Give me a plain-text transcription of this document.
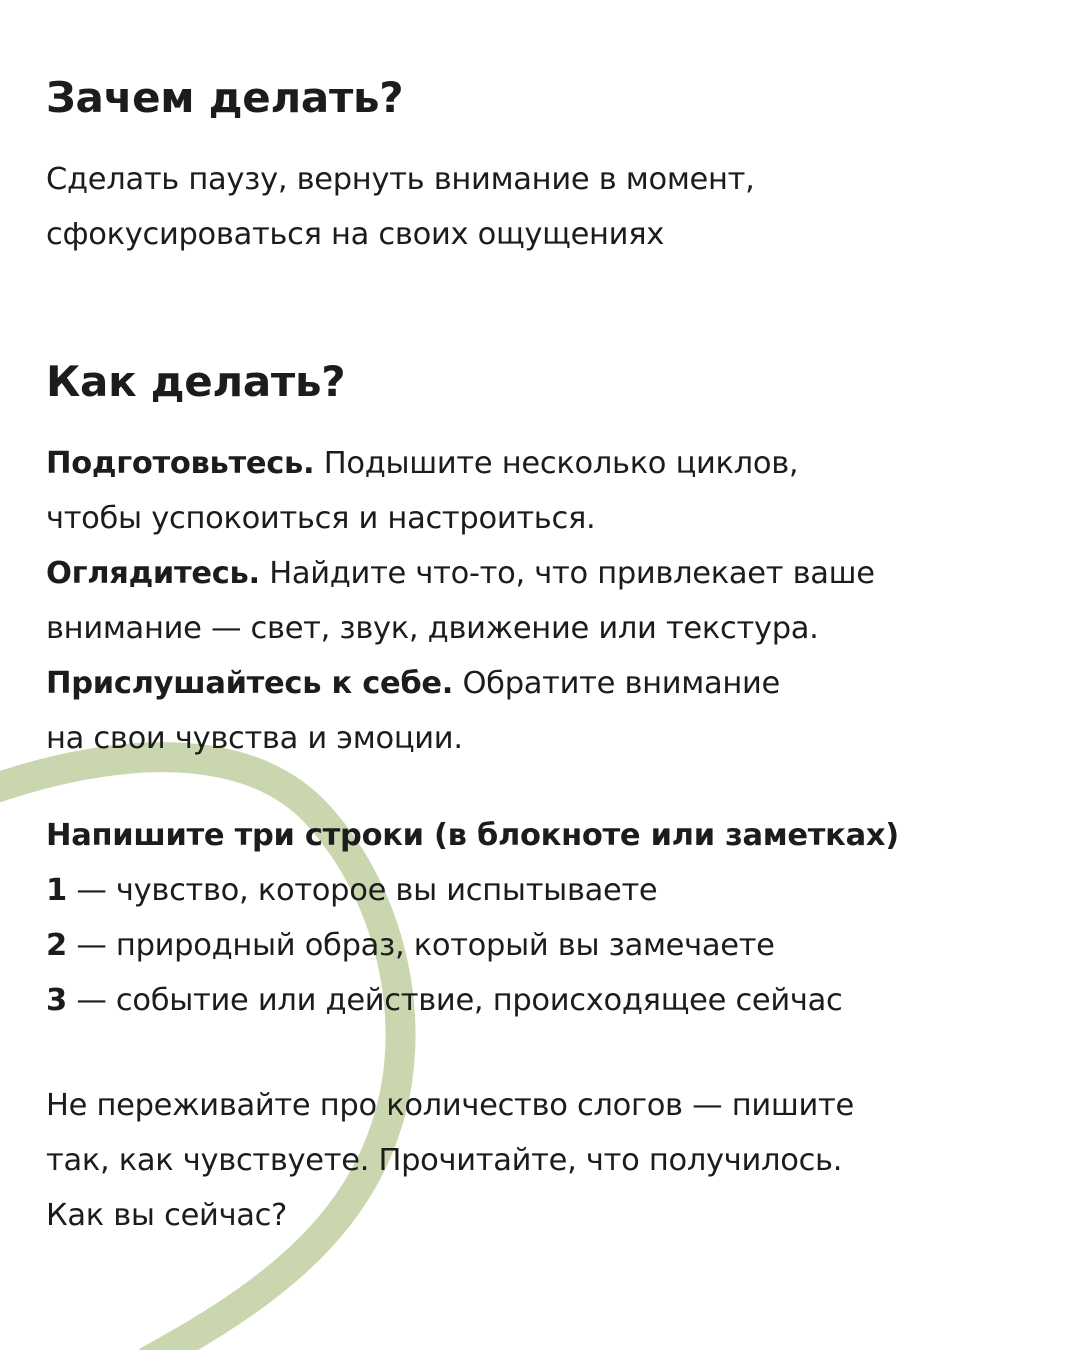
Зачем делать?

Сделать паузу, вернуть внимание в момент,
сфокусироваться на своих ощущениях

Как делать?

Подготовьтесь. Подышите несколько циклов,
чтобы успокоиться и настроиться.
Оглядитесь. Найдите что-то, что привлекает ваше
внимание — свет, звук, движение или текстура.
Прислушайтесь к себе. Обратите внимание
на свои чувства и эмоции.

Напишите три строки (в блокноте или заметках)
1 — чувство, которое вы испытываете
2 — природный образ, который вы замечаете
3 — событие или действие, происходящее сейчас

Не переживайте про количество слогов — пишите
так, как чувствуете. Прочитайте, что получилось.
Как вы сейчас?
